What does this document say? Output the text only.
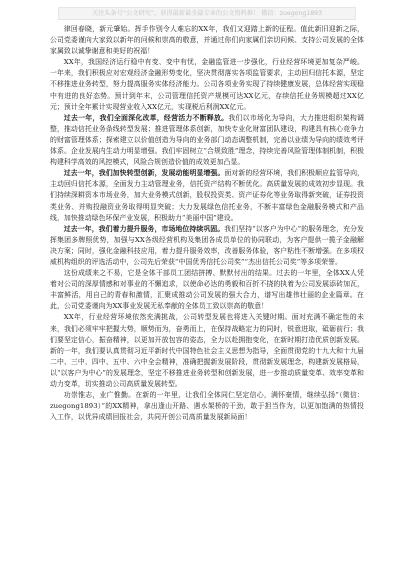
关注头条号“公文研究”，获得最新最全最专业的公文资料推！ 微信：zuegong1893

律回春晓，新元肇始。挥手作别令人难忘的XX年，我们又迎踏上新的征程。值此新旧迎新之际，公司党委谨向大家致以新年的问候和崇高的敬意，并通过你们向家属们亲切问候、支持公司发展的全体家属致以诚挚谢意和美好的祝福！

XX年，我国经济运行稳中有变、变中有忧，金融监管进一步强化，行业经营环境更加复杂严峻。一年来，我们积极应对宏观经济金融形势变化，坚决贯彻落实各项监管要求，主动回归信托本源，坚定不移推进业务转型，努力提高服务实体经济能力。公司各项业务实现了持续健康发展，总体经营实现稳中有进的良好态势。预计到年末，公司管理信托资产规模可达XX亿元，存续信托业务规模超过XX亿元；预计全年累计实现营业收入XX亿元，实现税后利润XX亿元。

过去一年，我们全面深化改革，经营活力不断释放。我们以市场化为导向，大力推进组织架构调整，推动信托业务条线转型发展；推进管理体系创新，加快专业化财富团队建设，构建具有核心竞争力的财富管理体系；探索建立以价值创造为导向的业务部门动态调整机制，完善以业绩为导向的绩效考评体系。企业发展内生动力明显增强。我们牢固树立“合规致胜”理念，持续完善风险管理体制机制，积极构建科学高效的风控模式，风险合规创造价值的成效更加凸显。

过去一年，我们加快转型创新，发展动能明显增强。面对新的经营环境，我们积极顺应监管导向，主动回归信托本源，全面发力主动管理业务，信托资产结构不断优化。高质量发展的成效初步显现。我们持续深耕资本市场业务，加大业务模式创新，股权投资类、资产证券化等业务取得新突破，证券投资类业务、并购投融资业务取得明显突破；大力发展绿色信托业务，不断丰富绿色金融服务模式和产品线，加快推动绿色环保产业发展，积极助力“美丽中国”建设。

过去一年，我们着力提升服务，市场地位持续巩固。我们坚持“以客户为中心”的服务理念，充分发挥集团多牌照优势，加强与XX各级经营机构及集团各成员单位的协同联动，为客户提供一揽子金融解决方案；同时，强化金融科技应用，着力提升服务效率，改善服务体验，客户粘性不断增强。在多项权威机构组织的评选活动中，公司先后荣获“中国优秀信托公司奖”“杰出信托公司奖”等多项荣誉。

这份成绩来之不易，它是全体干部员工团结拼搏、默默付出的结果。过去的一年里，全体XX人凭着对公司的深厚情感和对事业的不懈追求，以使命必达的勇毅和百折不挠的执着为公司发展添砖加瓦，丰富鲜活，用自己的青春和激情，汇聚成推动公司发展的强大合力，谱写出雄伟壮丽的企业篇章。在此，公司党委谨向为XX事业发展无私奉献的全体员工致以崇高的敬意！

XX年，行业经营环境依然充满挑战，公司转型发展也将进入关键时期。面对充满不确定性的未来，我们必须牢牢把握大势，顺势而为，奋勇而上，在保持战略定力的同时，锐意进取，砥砺前行；我们要坚定信心，振奋精神，以更加开放包容的姿态，全力以赴拥抱变化，在新时期打造优质创新发展。新的一年，我们要认真贯彻习近平新时代中国特色社会主义思想为指导，全面贯彻党的十九大和十九届二中、三中、四中、五中、六中全会精神，准确把握新发展阶段，贯彻新发展理念，构建新发展格局，以“以客户为中心”的发展理念，坚定不移推进业务转型和创新发展，进一步推动质量变革、效率变革和动力变革，切实推动公司高质量发展转型。

功崇惟志，业广惟勤。在新的一年里，让我们全体同仁坚定信心，满怀豪情，继续弘扬“（微信：zuegong1893）”的XX精神，拿出逢山开路、遇水架桥的干劲，敢于担当作为，以更加饱满的热情投入工作，以优异成绩回报社会，共同开创公司高质量发展新局面！
